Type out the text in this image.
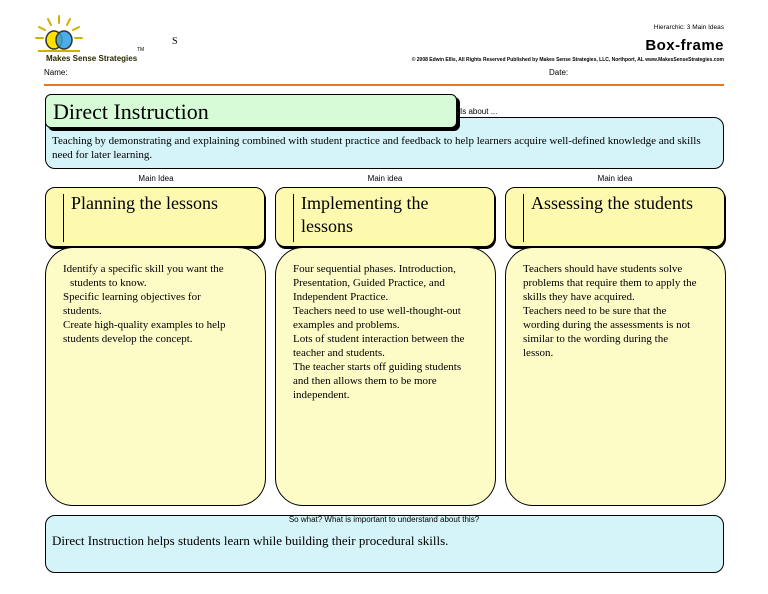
Makes Sense Strategies
TM
S
Hierarchic: 3 Main Ideas
Box-frame
© 2008 Edwin Ellis, All Rights Reserved Published by Makes Sense Strategies, LLC, Northport, AL www.MakesSenseStrategies.com
Name:	Date:
Direct Instruction	Is about ...
Teaching by demonstrating and explaining combined with student practice and feedback to help learners acquire well-defined knowledge and skills need for later learning.
Main Idea
Planning the lessons
Identify a specific skill you want the
students to know.
Specific learning objectives for
students.
Create high-quality examples to help
students develop the concept.
Main idea
Implementing the lessons
Four sequential phases. Introduction,
Presentation, Guided Practice, and
Independent Practice.
Teachers need to use well-thought-out
examples and problems.
Lots of student interaction between the
teacher and students.
The teacher starts off guiding students
and then allows them to be more
independent.
Main idea
Assessing the students
Teachers should have students solve
problems that require them to apply the
skills they have acquired.
Teachers need to be sure that the
wording during the assessments is not
similar to the wording during the
lesson.
So what? What is important to understand about this?
Direct Instruction helps students learn while building their procedural skills.
